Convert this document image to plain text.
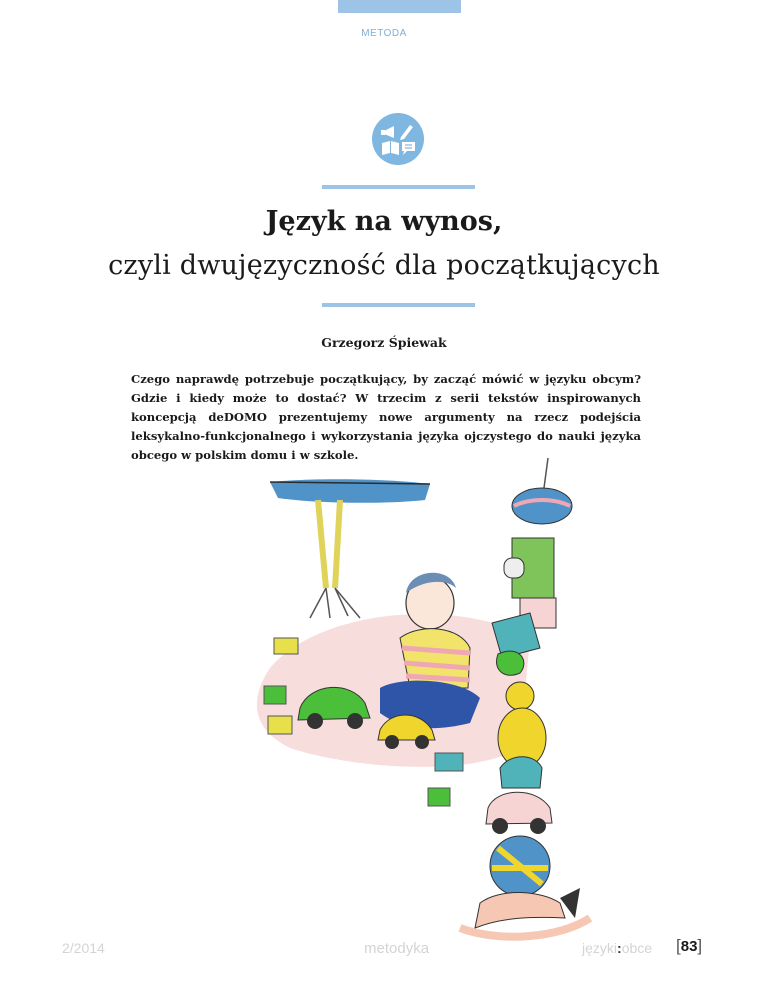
METODA
Język na wynos,
czyli dwujęzyczność dla początkujących
Grzegorz Śpiewak

Czego naprawdę potrzebuje początkujący, by zacząć mówić w języku obcym? Gdzie i kiedy może to dostać? W trzecim z serii tekstów inspirowanych koncepcją deDOMO prezentujemy nowe argumenty na rzecz podejścia leksykalno-funkcjonalnego i wykorzystania języka ojczystego do nauki języka obcego w polskim domu i w szkole.

2/2014	metodyka	języki:obce [83]
